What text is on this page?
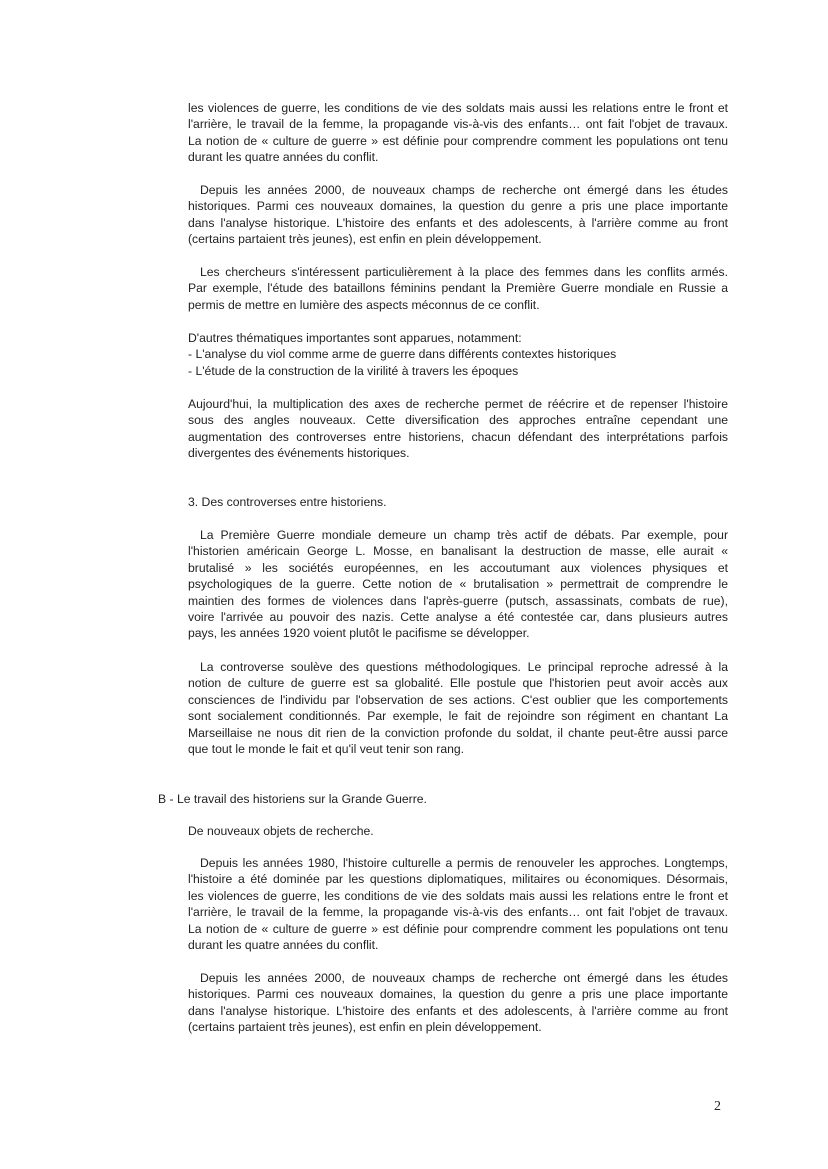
les violences de guerre, les conditions de vie des soldats mais aussi les relations entre le front et
l'arrière, le travail de la femme, la propagande vis-à-vis des enfants… ont fait l'objet de travaux.
La notion de « culture de guerre » est définie pour comprendre comment les populations ont tenu
durant les quatre années du conflit.
Depuis les années 2000, de nouveaux champs de recherche ont émergé dans les études
historiques. Parmi ces nouveaux domaines, la question du genre a pris une place importante
dans l'analyse historique. L'histoire des enfants et des adolescents, à l'arrière comme au front
(certains partaient très jeunes), est enfin en plein développement.
Les chercheurs s'intéressent particulièrement à la place des femmes dans les conflits armés.
Par exemple, l'étude des bataillons féminins pendant la Première Guerre mondiale en Russie a
permis de mettre en lumière des aspects méconnus de ce conflit.
D'autres thématiques importantes sont apparues, notamment:
- L'analyse du viol comme arme de guerre dans différents contextes historiques
- L'étude de la construction de la virilité à travers les époques
Aujourd'hui, la multiplication des axes de recherche permet de réécrire et de repenser l'histoire
sous des angles nouveaux. Cette diversification des approches entraîne cependant une
augmentation des controverses entre historiens, chacun défendant des interprétations parfois
divergentes des événements historiques.
3. Des controverses entre historiens.
La Première Guerre mondiale demeure un champ très actif de débats. Par exemple, pour
l'historien américain George L. Mosse, en banalisant la destruction de masse, elle aurait «
brutalisé » les sociétés européennes, en les accoutumant aux violences physiques et
psychologiques de la guerre. Cette notion de « brutalisation » permettrait de comprendre le
maintien des formes de violences dans l'après-guerre (putsch, assassinats, combats de rue),
voire l'arrivée au pouvoir des nazis. Cette analyse a été contestée car, dans plusieurs autres
pays, les années 1920 voient plutôt le pacifisme se développer.
La controverse soulève des questions méthodologiques. Le principal reproche adressé à la
notion de culture de guerre est sa globalité. Elle postule que l'historien peut avoir accès aux
consciences de l'individu par l'observation de ses actions. C'est oublier que les comportements
sont socialement conditionnés. Par exemple, le fait de rejoindre son régiment en chantant La
Marseillaise ne nous dit rien de la conviction profonde du soldat, il chante peut-être aussi parce
que tout le monde le fait et qu'il veut tenir son rang.
B - Le travail des historiens sur la Grande Guerre.
De nouveaux objets de recherche.
Depuis les années 1980, l'histoire culturelle a permis de renouveler les approches. Longtemps,
l'histoire a été dominée par les questions diplomatiques, militaires ou économiques. Désormais,
les violences de guerre, les conditions de vie des soldats mais aussi les relations entre le front et
l'arrière, le travail de la femme, la propagande vis-à-vis des enfants… ont fait l'objet de travaux.
La notion de « culture de guerre » est définie pour comprendre comment les populations ont tenu
durant les quatre années du conflit.
Depuis les années 2000, de nouveaux champs de recherche ont émergé dans les études
historiques. Parmi ces nouveaux domaines, la question du genre a pris une place importante
dans l'analyse historique. L'histoire des enfants et des adolescents, à l'arrière comme au front
(certains partaient très jeunes), est enfin en plein développement.
2
